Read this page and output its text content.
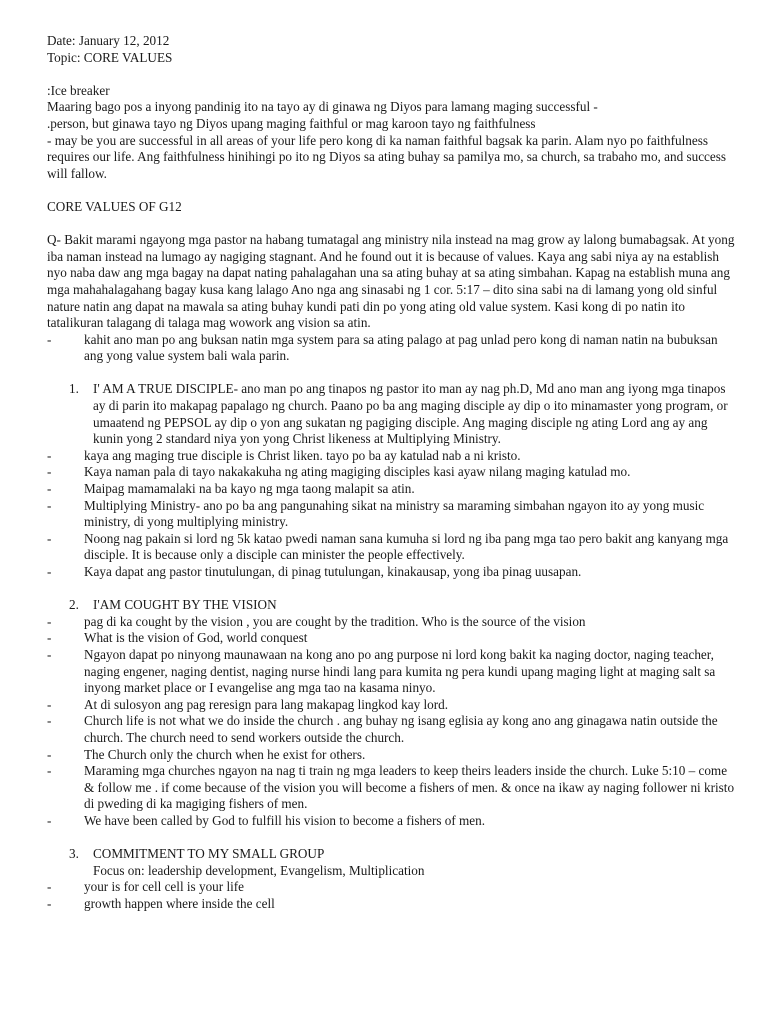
Date: January 12, 2012

Topic: CORE VALUES

:Ice breaker

Maaring bago pos a inyong pandinig ito na tayo ay di ginawa ng Diyos para lamang maging successful -

.person, but ginawa tayo ng Diyos upang maging faithful or mag karoon tayo ng faithfulness

- may be you are successful in all areas of your life pero kong di ka naman faithful bagsak ka parin. Alam nyo po faithfulness requires our life. Ang faithfulness hinihingi po ito ng Diyos sa ating buhay sa pamilya mo, sa church, sa trabaho mo, and success will fallow.

CORE VALUES OF G12

Q- Bakit marami ngayong mga pastor na habang tumatagal ang ministry nila instead na mag grow ay lalong bumabagsak. At yong iba naman instead na lumago ay nagiging stagnant. And he found out it is because of values. Kaya ang sabi niya ay na establish nyo naba daw ang mga bagay na dapat nating pahalagahan una sa ating buhay at sa ating simbahan. Kapag na establish muna ang mga mahahalagahang bagay kusa kang lalago Ano nga ang sinasabi ng 1 cor. 5:17 – dito sina sabi na di lamang yong old sinful nature natin ang dapat na mawala sa ating buhay kundi pati din po yong ating old value system. Kasi kong di po natin ito tatalikuran talagang di talaga mag wowork ang vision sa atin.

-	kahit ano man po ang buksan natin mga system para sa ating palago at pag unlad pero kong di naman natin na bubuksan ang yong value system bali wala parin.
1.	I' AM A TRUE DISCIPLE- ano man po ang tinapos ng pastor ito man ay nag ph.D, Md ano man ang iyong mga tinapos ay di parin ito makapag papalago ng church. Paano po ba ang maging disciple ay dip o ito minamaster yong program, or umaatend ng PEPSOL ay dip o yon ang sukatan ng pagiging disciple. Ang maging disciple ng ating Lord ang ay ang kunin yong 2 standard niya yon yong Christ likeness at Multiplying Ministry.
-	kaya ang maging true disciple is Christ liken. tayo po ba ay katulad nab a ni kristo.
-	Kaya naman pala di tayo nakakakuha ng ating magiging disciples kasi ayaw nilang maging katulad mo.
-	Maipag mamamalaki na ba kayo ng mga taong malapit sa atin.
-	Multiplying Ministry- ano po ba ang pangunahing sikat na ministry sa maraming simbahan ngayon ito ay yong music ministry, di yong multiplying ministry.
-	Noong nag pakain si lord ng 5k katao pwedi naman sana kumuha si lord ng iba pang mga tao pero bakit ang kanyang mga disciple. It is because only a disciple can minister the people effectively.
-	Kaya dapat ang pastor tinutulungan, di pinag tutulungan, kinakausap, yong iba pinag uusapan.
2.	I'AM COUGHT BY THE VISION
-	pag di ka cought by the vision , you are cought by the tradition. Who is the source of the vision
-	What is the vision of God, world conquest
-	Ngayon dapat po ninyong maunawaan na kong ano po ang purpose ni lord kong bakit ka naging doctor, naging teacher, naging engener, naging dentist, naging nurse hindi lang para kumita ng pera kundi upang maging light at maging salt sa inyong market place or I evangelise ang mga tao na kasama ninyo.
-	At di sulosyon ang pag reresign para lang makapag lingkod kay lord.
-	Church life is not what we do inside the church . ang buhay ng isang eglisia ay kong ano ang ginagawa natin outside the church. The church need to send workers outside the church.
-	The Church only the church when he exist for others.
-	Maraming mga churches ngayon na nag ti train ng mga leaders to keep theirs leaders inside the church. Luke 5:10 – come & follow me . if come because of the vision you will become a fishers of men. & once na ikaw ay naging follower ni kristo di pweding di ka magiging fishers of men.
-	We have been called by God to fulfill his vision to become a fishers of men.
3.	COMMITMENT TO MY SMALL GROUP

Focus on: leadership development, Evangelism, Multiplication

-	your is for cell cell is your life
-	growth happen where inside the cell
